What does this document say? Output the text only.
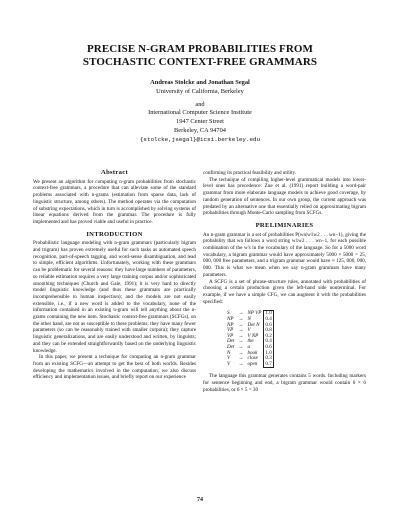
PRECISE N-GRAM PROBABILITIES FROM
STOCHASTIC CONTEXT-FREE GRAMMARS
Andreas Stolcke and Jonathan Segal
University of California, Berkeley
and
International Computer Science Institute
1947 Center Street
Berkeley, CA 94704
{stolcke,jsegal}@icsi.berkeley.edu
Abstract

We present an algorithm for computing n-gram probabilities from stochastic context-free grammars, a procedure that can alleviate some of the standard problems associated with n-grams (estimation from sparse data, lack of linguistic structure, among others). The method operates via the computation of substring expectations, which in turn is accomplished by solving systems of linear equations derived from the grammar. The procedure is fully implemented and has proved viable and useful in practice.

INTRODUCTION

Probabilistic language modeling with n-gram grammars (particularly bigram and trigram) has proven extremely useful for such tasks as automated speech recognition, part-of-speech tagging, and word-sense disambiguation, and lead to simple, efficient algorithms. Unfortunately, working with these grammars can be problematic for several reasons: they have large numbers of parameters, so reliable estimation requires a very large training corpus and/or sophisticated smoothing techniques (Church and Gale, 1991); it is very hard to directly model linguistic knowledge (and thus these grammars are practically incomprehensible to human inspection); and the models are not easily extensible, i.e., if a new word is added to the vocabulary, none of the information contained in an existing n-gram will tell anything about the n-grams containing the new item. Stochastic context-free grammars (SCFGs), on the other hand, are not as susceptible to these problems: they have many fewer parameters (so can be reasonably trained with smaller corpora); they capture linguistic generalizations, and are easily understood and written, by linguists; and they can be extended straightforwardly based on the underlying linguistic knowledge.

In this paper, we present a technique for computing an n-gram grammar from an existing SCFG—an attempt to get the best of both worlds. Besides developing the mathematics involved in the computation, we also discuss efficiency and implementation issues, and briefly report on our experience

confirming its practical feasibility and utility.

The technique of compiling higher-level grammatical models into lower-level ones has precedence: Zue et al. (1991) report building a word-pair grammar from more elaborate language models to achieve good coverage, by random generation of sentences. In our own group, the current approach was predated by an alternative one that essentially relied on approximating bigram probabilities through Monte-Carlo sampling from SCFGs.

PRELIMINARIES

An n-gram grammar is a set of probabilities P(wn|w1w2 . . . wn−1), giving the probability that wn follows a word string w1w2 . . . wn−1, for each possible combination of the w's in the vocabulary of the language. So for a 5000 word vocabulary, a bigram grammar would have approximately 5000 × 5000 = 25, 000, 000 free parameters, and a trigram grammar would have ≈ 125, 000, 000, 000. This is what we mean when we say n-gram grammars have many parameters.

A SCFG is a set of phrase-structure rules, annotated with probabilities of choosing a certain production given the left-hand side nonterminal. For example, if we have a simple CFG, we can augment it with the probabilities specified:

S	→	NP VP	1.0
NP	→	N	0.4
NP	→	Det N	0.6
VP	→	V	0.8
VP	→	V NP	0.2
Det	→	the	0.4
Det	→	a	0.6
N	→	book	1.0
V	→	close	0.3
V	→	open	0.7

The language this grammar generates contains 5 words. Including markers for sentence beginning and end, a bigram grammar would contain 6 × 6 probabilities, or 6 × 5 = 30

74
